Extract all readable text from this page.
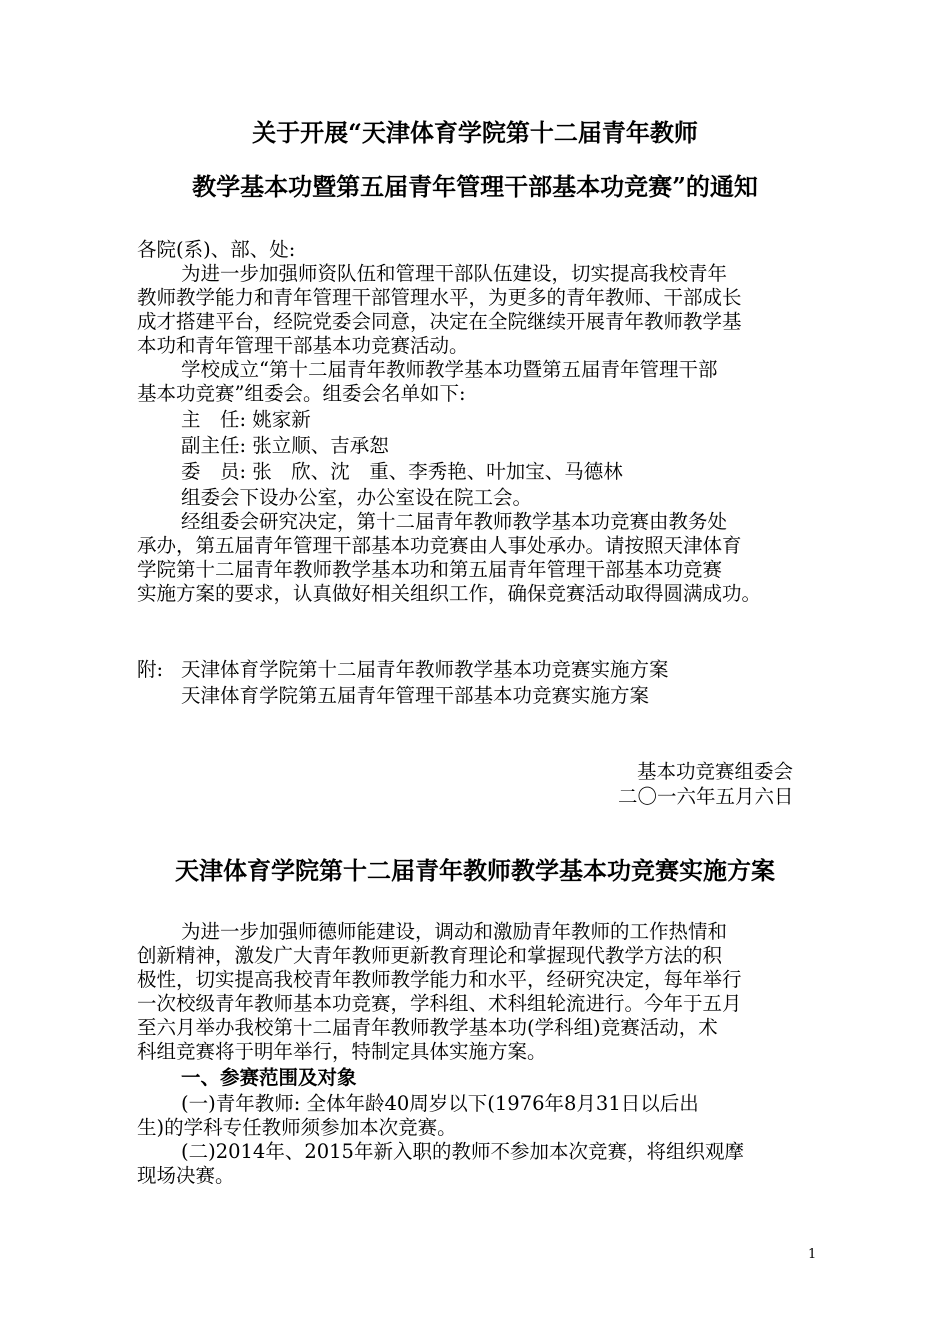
关于开展“天津体育学院第十二届青年教师
教学基本功暨第五届青年管理干部基本功竞赛”的通知
各院(系)、部、处:
为进一步加强师资队伍和管理干部队伍建设，切实提高我校青年
教师教学能力和青年管理干部管理水平，为更多的青年教师、干部成长
成才搭建平台，经院党委会同意，决定在全院继续开展青年教师教学基
本功和青年管理干部基本功竞赛活动。
学校成立“第十二届青年教师教学基本功暨第五届青年管理干部
基本功竞赛”组委会。组委会名单如下:
主　任: 姚家新
副主任: 张立顺、吉承恕
委　员: 张　欣、沈　重、李秀艳、叶加宝、马德林
组委会下设办公室，办公室设在院工会。
经组委会研究决定，第十二届青年教师教学基本功竞赛由教务处
承办，第五届青年管理干部基本功竞赛由人事处承办。请按照天津体育
学院第十二届青年教师教学基本功和第五届青年管理干部基本功竞赛
实施方案的要求，认真做好相关组织工作，确保竞赛活动取得圆满成功。
附: 天津体育学院第十二届青年教师教学基本功竞赛实施方案
天津体育学院第五届青年管理干部基本功竞赛实施方案
基本功竞赛组委会
二〇一六年五月六日
天津体育学院第十二届青年教师教学基本功竞赛实施方案
为进一步加强师德师能建设，调动和激励青年教师的工作热情和
创新精神，激发广大青年教师更新教育理论和掌握现代教学方法的积
极性，切实提高我校青年教师教学能力和水平，经研究决定，每年举行
一次校级青年教师基本功竞赛，学科组、术科组轮流进行。今年于五月
至六月举办我校第十二届青年教师教学基本功(学科组)竞赛活动，术
科组竞赛将于明年举行，特制定具体实施方案。
一、参赛范围及对象
(一)青年教师: 全体年龄40周岁以下(1976年8月31日以后出
生)的学科专任教师须参加本次竞赛。
(二)2014年、2015年新入职的教师不参加本次竞赛，将组织观摩
现场决赛。
1
